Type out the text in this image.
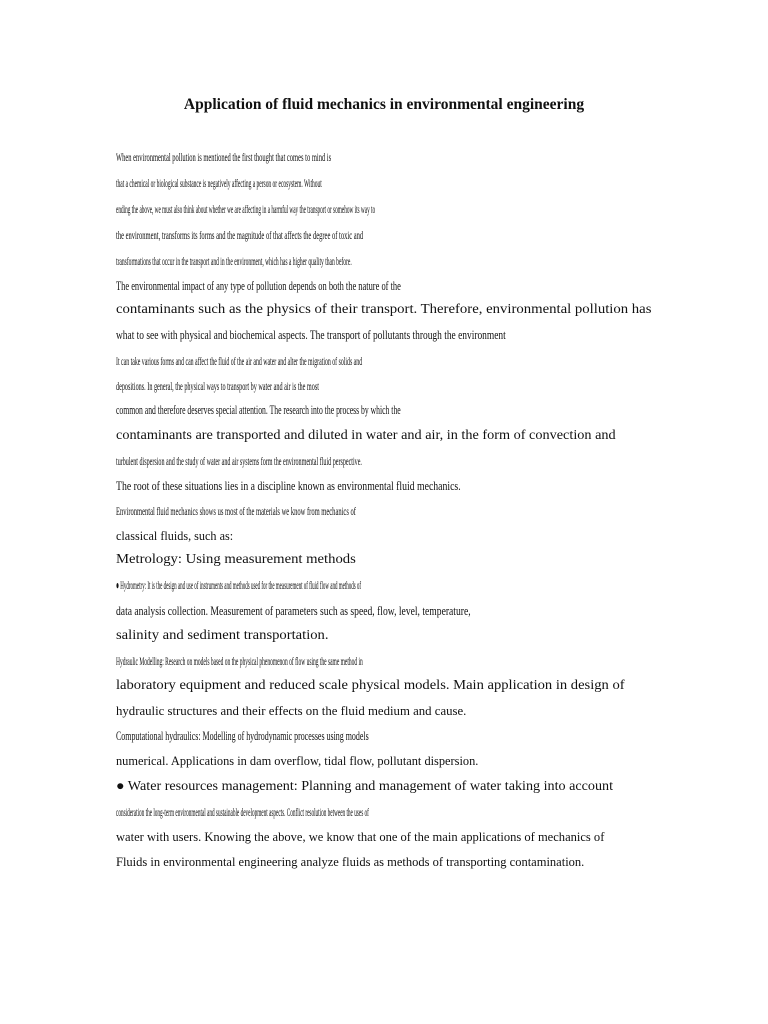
Application of fluid mechanics in environmental engineering
When environmental pollution is mentioned the first thought that comes to mind is
that a chemical or biological substance is negatively affecting a person or ecosystem. Without
ending the above, we must also think about whether we are affecting in a harmful way the transport or somehow its way to
the environment, transforms its forms and the magnitude of that affects the degree of toxic and
transformations that occur in the transport and in the environment, which has a higher quality than before.
The environmental impact of any type of pollution depends on both the nature of the
contaminants such as the physics of their transport. Therefore, environmental pollution has
what to see with physical and biochemical aspects. The transport of pollutants through the environment
It can take various forms and can affect the fluid of the air and water and alter the migration of solids and
depositions. In general, the physical ways to transport by water and air is the most
common and therefore deserves special attention. The research into the process by which the
contaminants are transported and diluted in water and air, in the form of convection and
turbulent dispersion and the study of water and air systems form the environmental fluid perspective.
The root of these situations lies in a discipline known as environmental fluid mechanics.
Environmental fluid mechanics shows us most of the materials we know from mechanics of
classical fluids, such as:
Metrology: Using measurement methods
● Hydrometry: It is the design and use of instruments and methods used for the measurement of fluid flow and methods of
data analysis collection. Measurement of parameters such as speed, flow, level, temperature,
salinity and sediment transportation.
Hydraulic Modelling: Research on models based on the physical phenomenon of flow using the same method in
laboratory equipment and reduced scale physical models. Main application in design of
hydraulic structures and their effects on the fluid medium and cause.
Computational hydraulics: Modelling of hydrodynamic processes using models
numerical. Applications in dam overflow, tidal flow, pollutant dispersion.
● Water resources management: Planning and management of water taking into account
consideration the long-term environmental and sustainable development aspects. Conflict resolution between the uses of
water with users. Knowing the above, we know that one of the main applications of mechanics of
Fluids in environmental engineering analyze fluids as methods of transporting contamination.
